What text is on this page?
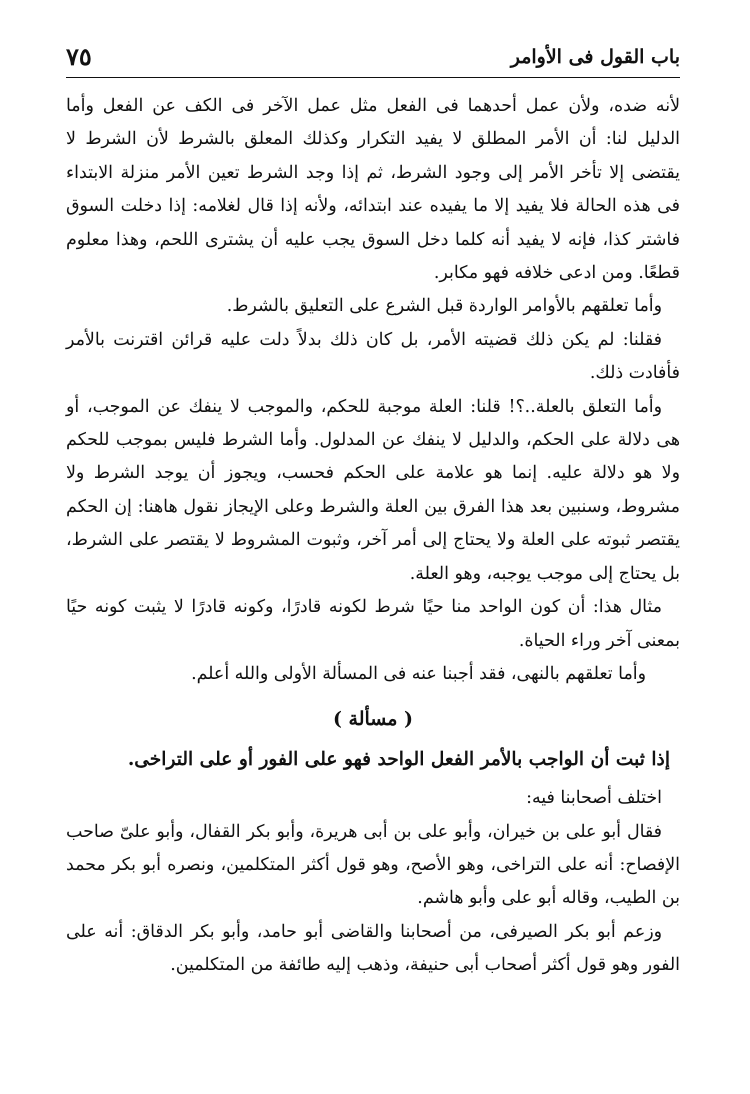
باب القول فى الأوامر
٧٥

لأنه ضده، ولأن عمل أحدهما فى الفعل مثل عمل الآخر فى الكف عن الفعل وأما الدليل لنا: أن الأمر المطلق لا يفيد التكرار وكذلك المعلق بالشرط لأن الشرط لا يقتضى إلا تأخر الأمر إلى وجود الشرط، ثم إذا وجد الشرط تعين الأمر منزلة الابتداء فى هذه الحالة فلا يفيد إلا ما يفيده عند ابتدائه، ولأنه إذا قال لغلامه: إذا دخلت السوق فاشتر كذا، فإنه لا يفيد أنه كلما دخل السوق يجب عليه أن يشترى اللحم، وهذا معلوم قطعًا. ومن ادعى خلافه فهو مكابر.

وأما تعلقهم بالأوامر الواردة قبل الشرع على التعليق بالشرط.

فقلنا: لم يكن ذلك قضيته الأمر، بل كان ذلك بدلاً دلت عليه قرائن اقترنت بالأمر فأفادت ذلك.

وأما التعلق بالعلة..؟! قلنا: العلة موجبة للحكم، والموجب لا ينفك عن الموجب، أو هى دلالة على الحكم، والدليل لا ينفك عن المدلول. وأما الشرط فليس بموجب للحكم ولا هو دلالة عليه. إنما هو علامة على الحكم فحسب، ويجوز أن يوجد الشرط ولا مشروط، وسنبين بعد هذا الفرق بين العلة والشرط وعلى الإيجاز نقول هاهنا: إن الحكم يقتصر ثبوته على العلة ولا يحتاج إلى أمر آخر، وثبوت المشروط لا يقتصر على الشرط، بل يحتاج إلى موجب يوجبه، وهو العلة.

مثال هذا: أن كون الواحد منا حيًا شرط لكونه قادرًا، وكونه قادرًا لا يثبت كونه حيًا بمعنى آخر وراء الحياة.

وأما تعلقهم بالنهى، فقد أجبنا عنه فى المسألة الأولى والله أعلم.

( مسألة )

إذا ثبت أن الواجب بالأمر الفعل الواحد فهو على الفور أو على التراخى.

اختلف أصحابنا فيه:

فقال أبو على بن خيران، وأبو على بن أبى هريرة، وأبو بكر القفال، وأبو علىّ صاحب الإفصاح: أنه على التراخى، وهو الأصح، وهو قول أكثر المتكلمين، ونصره أبو بكر محمد بن الطيب، وقاله أبو على وأبو هاشم.

وزعم أبو بكر الصيرفى، من أصحابنا والقاضى أبو حامد، وأبو بكر الدقاق: أنه على الفور وهو قول أكثر أصحاب أبى حنيفة، وذهب إليه طائفة من المتكلمين.
